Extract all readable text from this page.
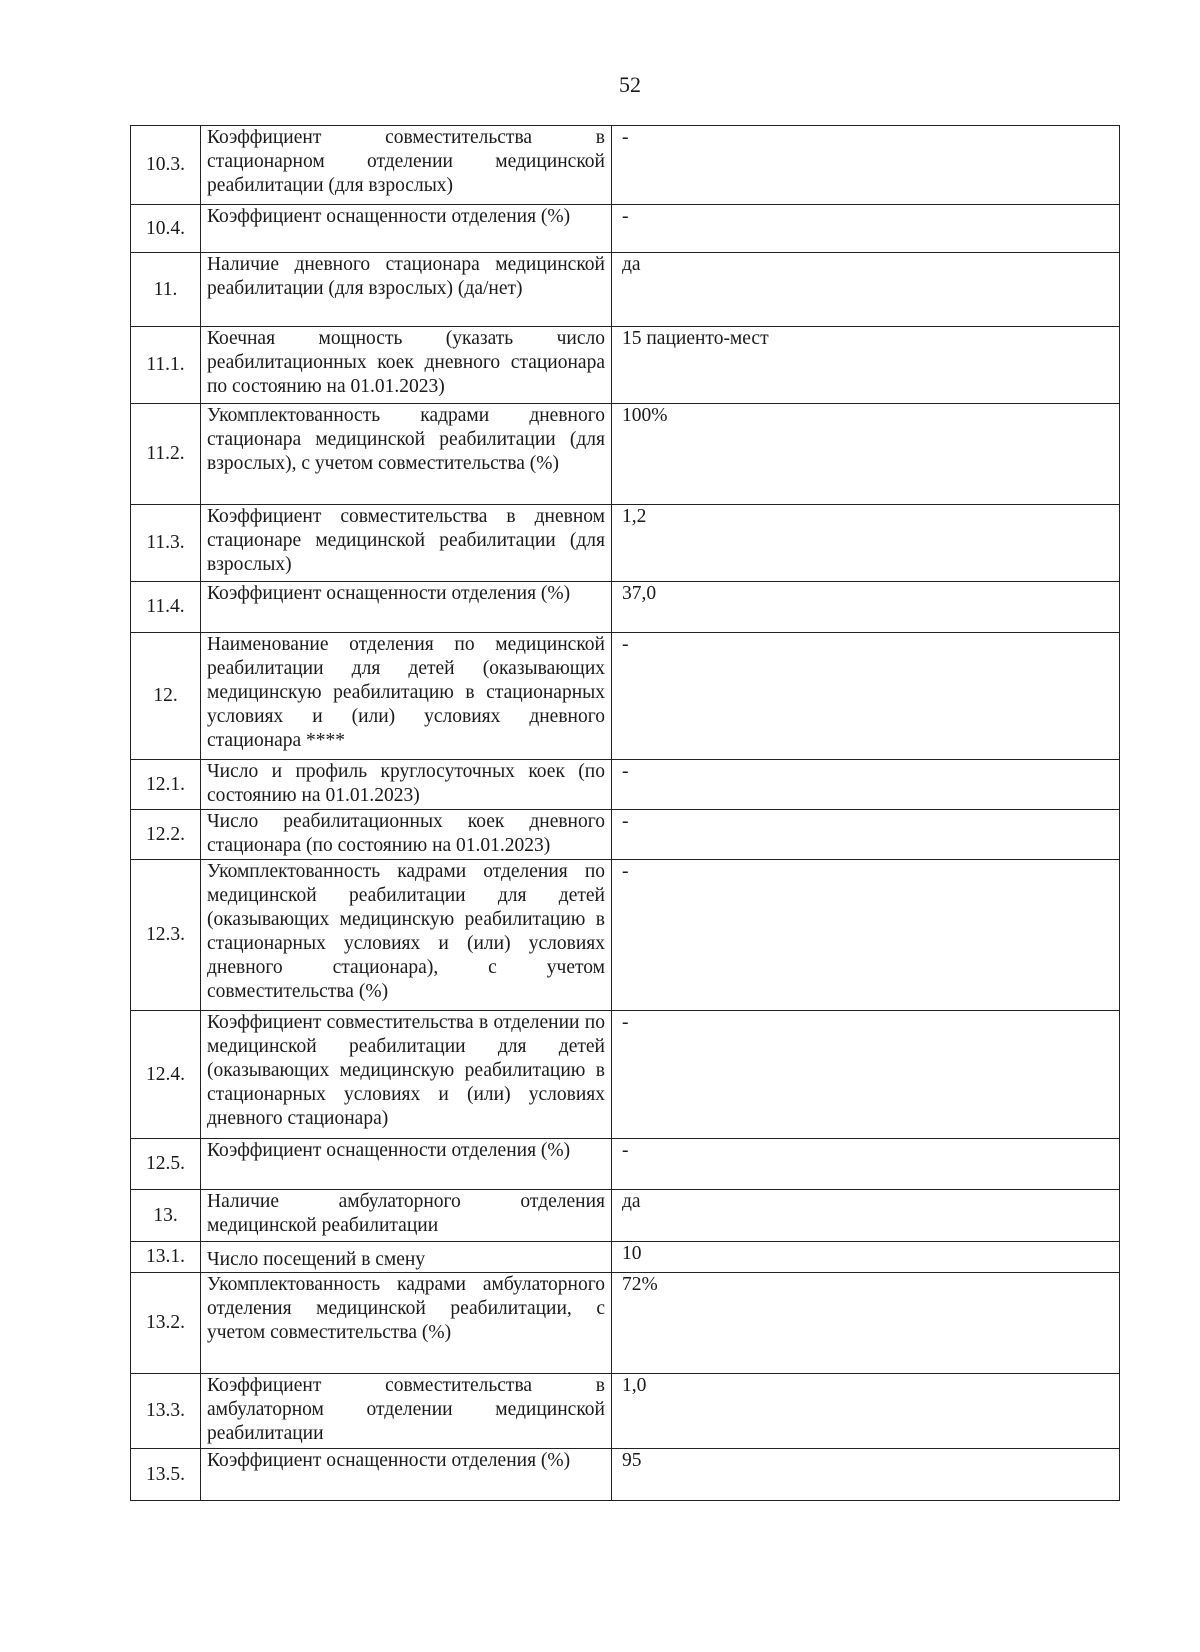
52
10.3.	Коэффициент совместительства в стационарном отделении медицинской реабилитации (для взрослых)	-
10.4.	Коэффициент оснащенности отделения (%)	-
11.	Наличие дневного стационара медицинской реабилитации (для взрослых) (да/нет)	да
11.1.	Коечная мощность (указать число реабилитационных коек дневного стационара по состоянию на 01.01.2023)	15 пациенто-мест
11.2.	Укомплектованность кадрами дневного стационара медицинской реабилитации (для взрослых), с учетом совместительства (%)	100%
11.3.	Коэффициент совместительства в дневном стационаре медицинской реабилитации (для взрослых)	1,2
11.4.	Коэффициент оснащенности отделения (%)	37,0
12.	Наименование отделения по медицинской реабилитации для детей (оказывающих медицинскую реабилитацию в стационарных условиях и (или) условиях дневного стационара ****	-
12.1.	Число и профиль круглосуточных коек (по состоянию на 01.01.2023)	-
12.2.	Число реабилитационных коек дневного стационара (по состоянию на 01.01.2023)	-
12.3.	Укомплектованность кадрами отделения по медицинской реабилитации для детей (оказывающих медицинскую реабилитацию в стационарных условиях и (или) условиях дневного стационара), с учетом совместительства (%)	-
12.4.	Коэффициент совместительства в отделении по медицинской реабилитации для детей (оказывающих медицинскую реабилитацию в стационарных условиях и (или) условиях дневного стационара)	-
12.5.	Коэффициент оснащенности отделения (%)	-
13.	Наличие амбулаторного отделения медицинской реабилитации	да
13.1.	Число посещений в смену	10
13.2.	Укомплектованность кадрами амбулаторного отделения медицинской реабилитации, с учетом совместительства (%)	72%
13.3.	Коэффициент совместительства в амбулаторном отделении медицинской реабилитации	1,0
13.5.	Коэффициент оснащенности отделения (%)	95
